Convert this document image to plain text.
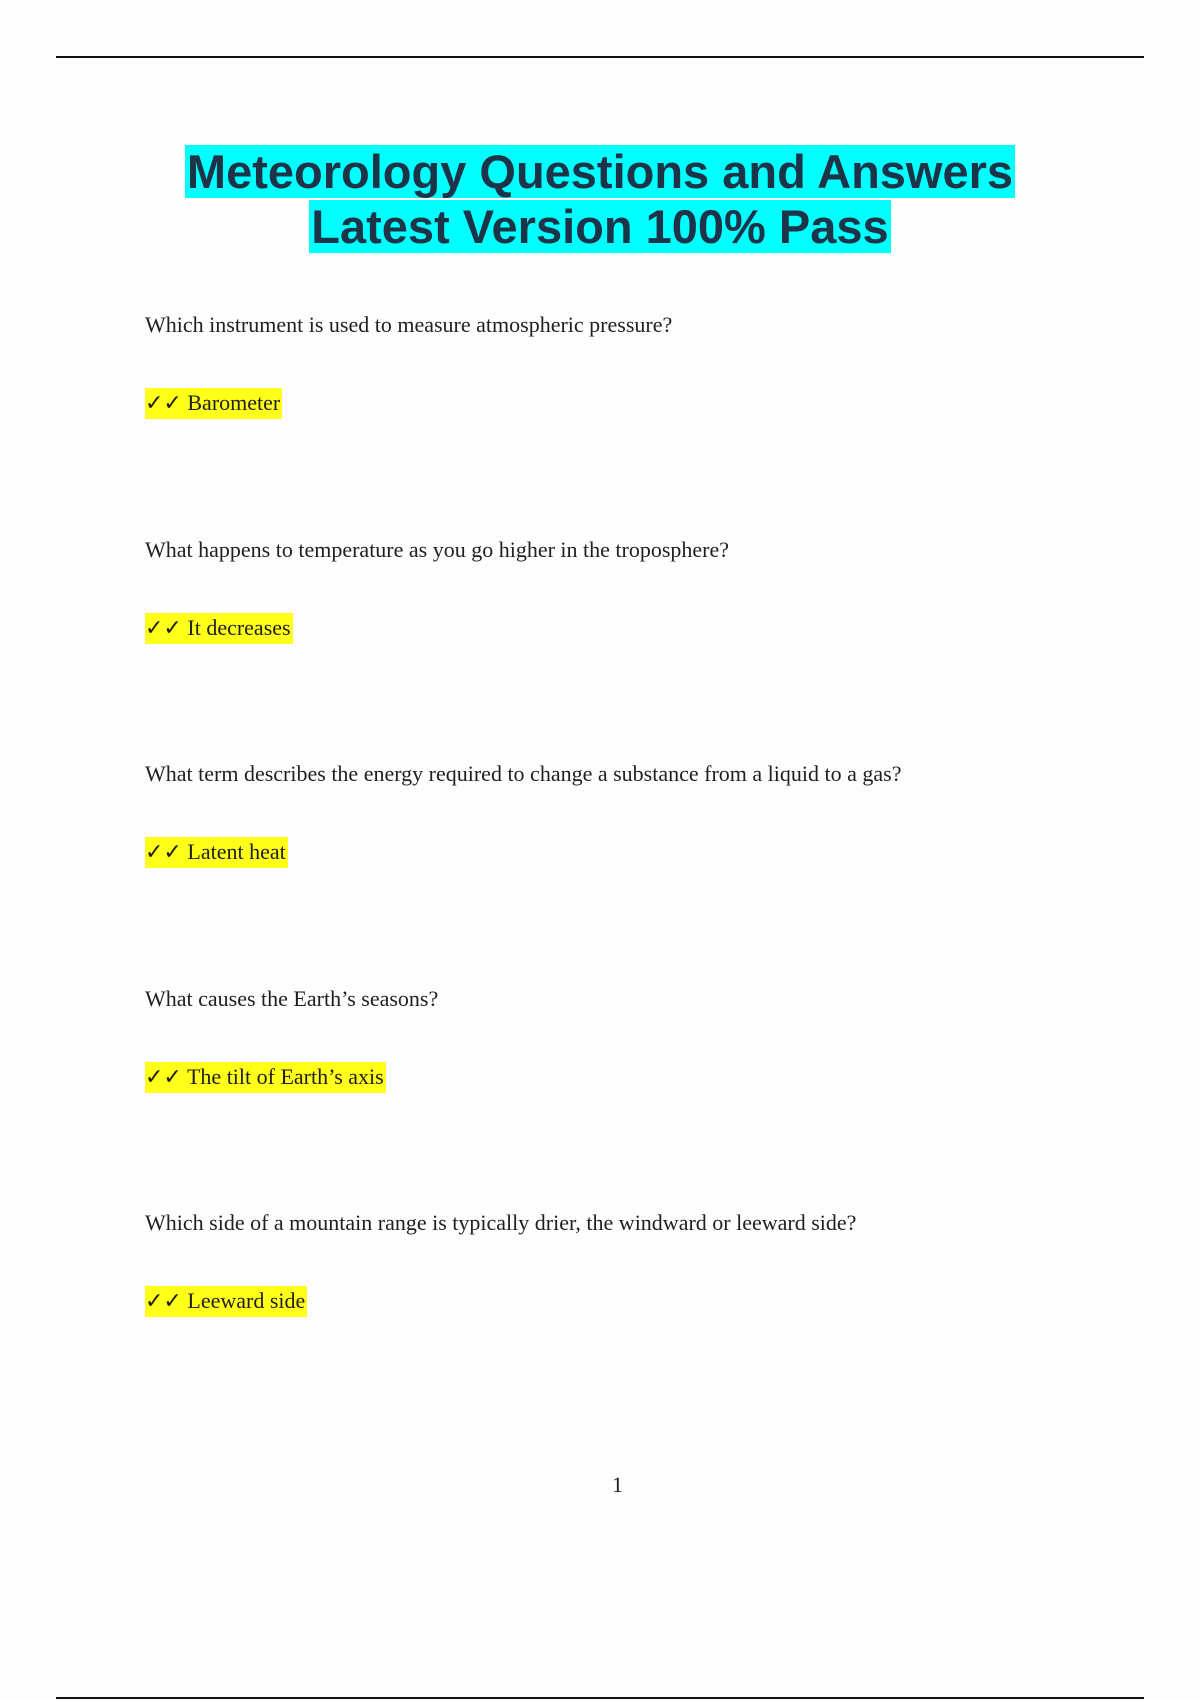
Meteorology Questions and Answers
Latest Version 100% Pass

Which instrument is used to measure atmospheric pressure?

✓✓ Barometer

What happens to temperature as you go higher in the troposphere?

✓✓ It decreases

What term describes the energy required to change a substance from a liquid to a gas?

✓✓ Latent heat

What causes the Earth’s seasons?

✓✓ The tilt of Earth’s axis

Which side of a mountain range is typically drier, the windward or leeward side?

✓✓ Leeward side
1
